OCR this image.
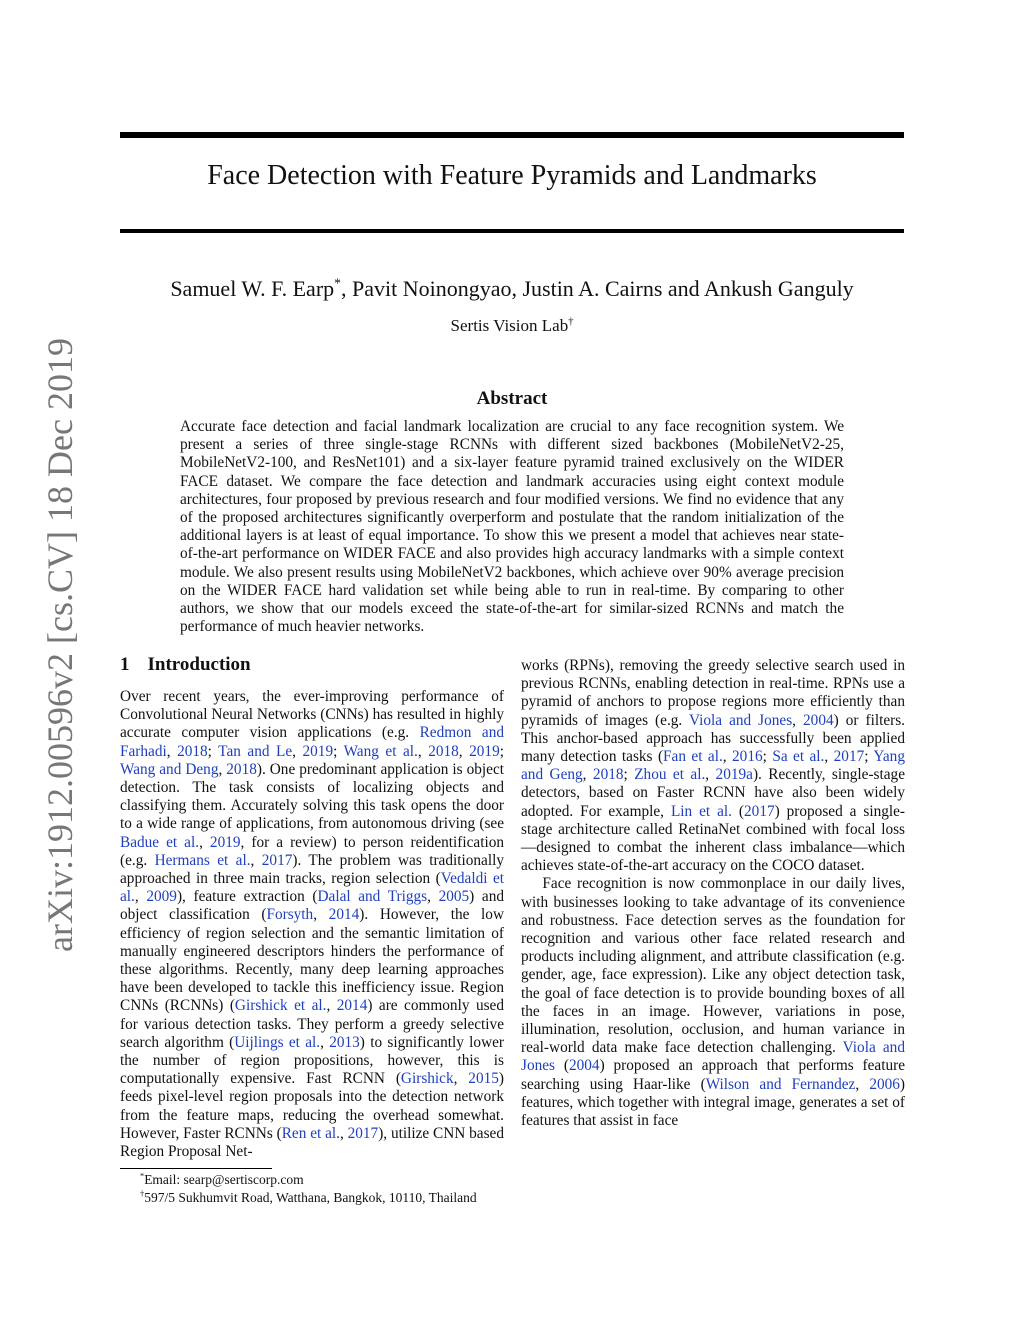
arXiv:1912.00596v2 [cs.CV] 18 Dec 2019
Face Detection with Feature Pyramids and Landmarks
Samuel W. F. Earp*, Pavit Noinongyao, Justin A. Cairns and Ankush Ganguly
Sertis Vision Lab†
Abstract
Accurate face detection and facial landmark localization are crucial to any face recognition system. We present a series of three single-stage RCNNs with different sized backbones (MobileNetV2-25, MobileNetV2-100, and ResNet101) and a six-layer feature pyramid trained exclusively on the WIDER FACE dataset. We compare the face detection and landmark accuracies using eight context module architectures, four proposed by previous research and four modified versions. We find no evidence that any of the proposed architectures significantly overperform and postulate that the random initialization of the additional layers is at least of equal importance. To show this we present a model that achieves near state-of-the-art performance on WIDER FACE and also provides high accuracy landmarks with a simple context module. We also present results using MobileNetV2 backbones, which achieve over 90% average precision on the WIDER FACE hard validation set while being able to run in real-time. By comparing to other authors, we show that our models exceed the state-of-the-art for similar-sized RCNNs and match the performance of much heavier networks.
1 Introduction

Over recent years, the ever-improving performance of Convolutional Neural Networks (CNNs) has resulted in highly accurate computer vision applications (e.g. Redmon and Farhadi, 2018; Tan and Le, 2019; Wang et al., 2018, 2019; Wang and Deng, 2018). One predominant application is object detection. The task consists of localizing objects and classifying them. Accurately solving this task opens the door to a wide range of applications, from autonomous driving (see Badue et al., 2019, for a review) to person reidentification (e.g. Hermans et al., 2017). The problem was traditionally approached in three main tracks, region selection (Vedaldi et al., 2009), feature extraction (Dalal and Triggs, 2005) and object classification (Forsyth, 2014). However, the low efficiency of region selection and the semantic limitation of manually engineered descriptors hinders the performance of these algorithms. Recently, many deep learning approaches have been developed to tackle this inefficiency issue. Region CNNs (RCNNs) (Girshick et al., 2014) are commonly used for various detection tasks. They perform a greedy selective search algorithm (Uijlings et al., 2013) to significantly lower the number of region propositions, however, this is computationally expensive. Fast RCNN (Girshick, 2015) feeds pixel-level region proposals into the detection network from the feature maps, reducing the overhead somewhat. However, Faster RCNNs (Ren et al., 2017), utilize CNN based Region Proposal Net-

works (RPNs), removing the greedy selective search used in previous RCNNs, enabling detection in real-time. RPNs use a pyramid of anchors to propose regions more efficiently than pyramids of images (e.g. Viola and Jones, 2004) or filters. This anchor-based approach has successfully been applied many detection tasks (Fan et al., 2016; Sa et al., 2017; Yang and Geng, 2018; Zhou et al., 2019a). Recently, single-stage detectors, based on Faster RCNN have also been widely adopted. For example, Lin et al. (2017) proposed a single-stage architecture called RetinaNet combined with focal loss—designed to combat the inherent class imbalance—which achieves state-of-the-art accuracy on the COCO dataset.

Face recognition is now commonplace in our daily lives, with businesses looking to take advantage of its convenience and robustness. Face detection serves as the foundation for recognition and various other face related research and products including alignment, and attribute classification (e.g. gender, age, face expression). Like any object detection task, the goal of face detection is to provide bounding boxes of all the faces in an image. However, variations in pose, illumination, resolution, occlusion, and human variance in real-world data make face detection challenging. Viola and Jones (2004) proposed an approach that performs feature searching using Haar-like (Wilson and Fernandez, 2006) features, which together with integral image, generates a set of features that assist in face

*Email: searp@sertiscorp.com
†597/5 Sukhumvit Road, Watthana, Bangkok, 10110, Thailand
